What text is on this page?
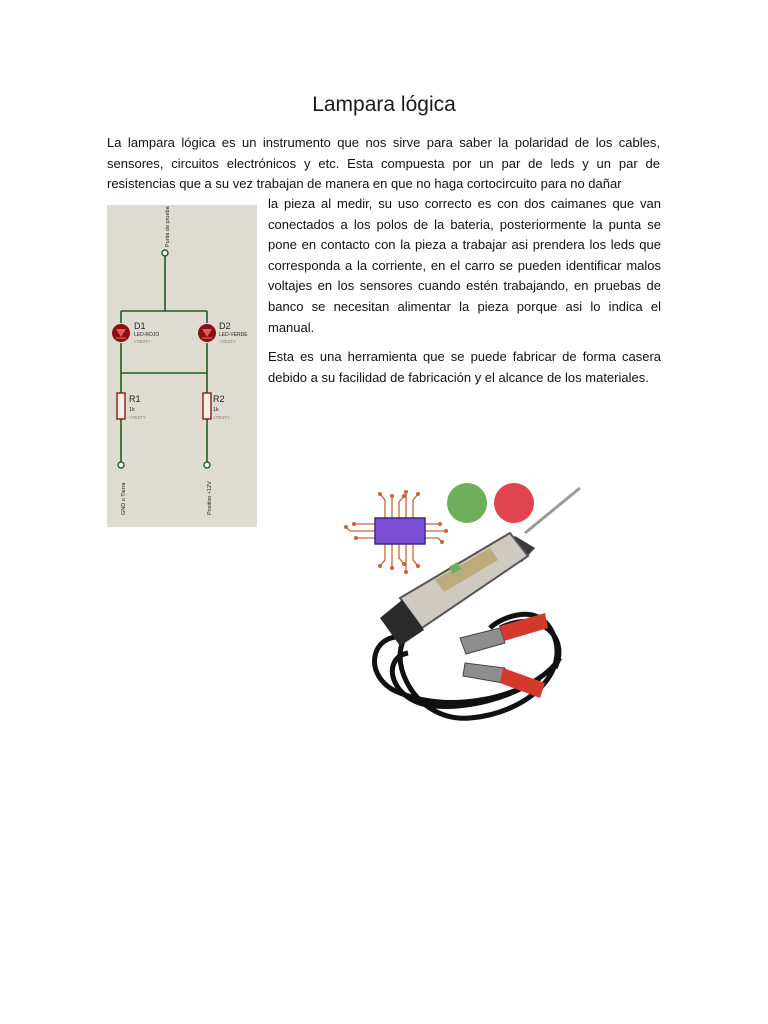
Lampara lógica

La lampara lógica es un instrumento que nos sirve para saber la polaridad de los cables, sensores, circuitos electrónicos y etc. Esta compuesta por un par de leds y un par de resistencias que a su vez trabajan de manera en que no haga cortocircuito para no dañar

la pieza al medir, su uso correcto es con dos caimanes que van conectados a los polos de la bateria, posteriormente la punta se pone en contacto con la pieza a trabajar asi prendera los leds que corresponda a la corriente, en el carro se pueden identificar malos voltajes en los sensores cuando estén trabajando, en pruebas de banco se necesitan alimentar la pieza porque asi lo indica el manual.

Esta es una herramienta que se puede fabricar de forma casera debido a su facilidad de fabricación y el alcance de los materiales.

Punta de prueba
D1
LED-ROJO
<TEXT>
D2
LED-VERDE
<TEXT>
R1
1k
<TEXT>
R2
1k
<TEXT>
GND o Tierra	Positivo +12V
